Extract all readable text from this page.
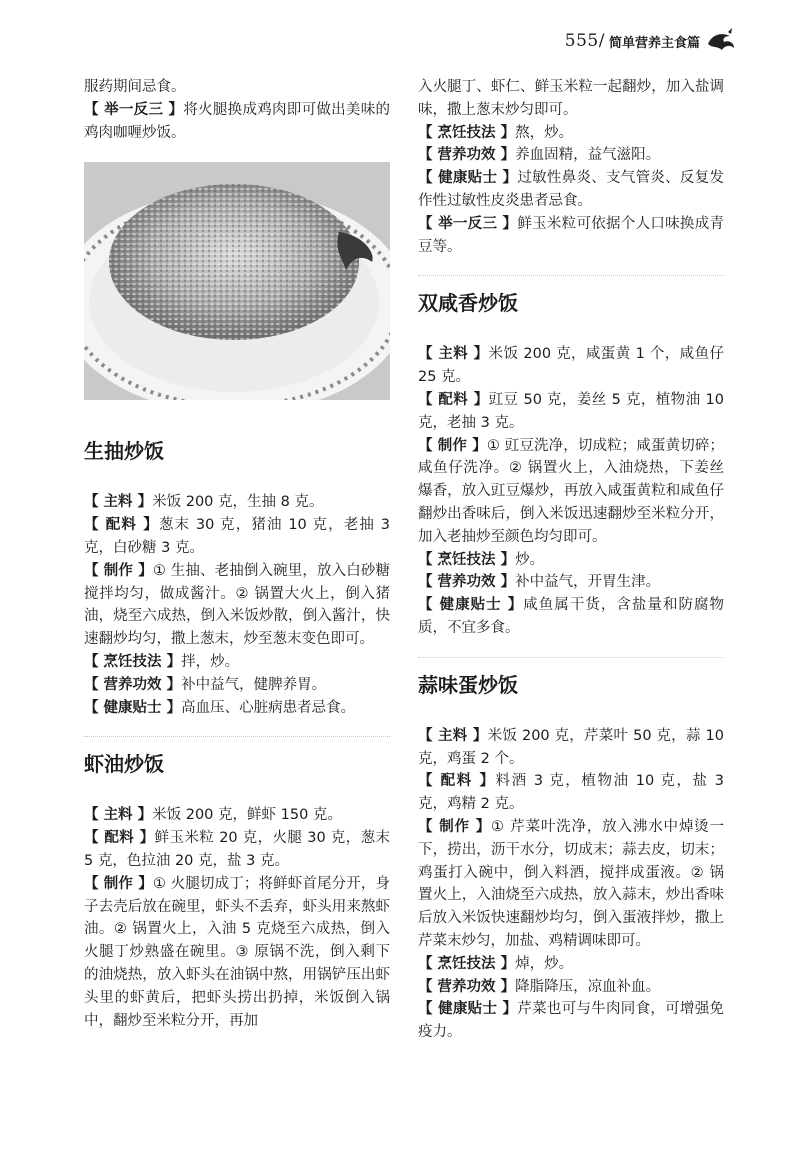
555/ 简单营养主食篇

服药期间忌食。

【 举一反三 】将火腿换成鸡肉即可做出美味的鸡肉咖喱炒饭。

生抽炒饭

【 主料 】米饭 200 克，生抽 8 克。

【 配料 】葱末 30 克，猪油 10 克，老抽 3 克，白砂糖 3 克。

【 制作 】① 生抽、老抽倒入碗里，放入白砂糖搅拌均匀，做成酱汁。② 锅置大火上，倒入猪油，烧至六成热，倒入米饭炒散，倒入酱汁，快速翻炒均匀，撒上葱末，炒至葱末变色即可。

【 烹饪技法 】拌，炒。

【 营养功效 】补中益气，健脾养胃。

【 健康贴士 】高血压、心脏病患者忌食。

虾油炒饭

【 主料 】米饭 200 克，鲜虾 150 克。

【 配料 】鲜玉米粒 20 克，火腿 30 克，葱末 5 克，色拉油 20 克，盐 3 克。

【 制作 】① 火腿切成丁；将鲜虾首尾分开，身子去壳后放在碗里，虾头不丢弃，虾头用来熬虾油。② 锅置火上，入油 5 克烧至六成热，倒入火腿丁炒熟盛在碗里。③ 原锅不洗，倒入剩下的油烧热，放入虾头在油锅中熬，用锅铲压出虾头里的虾黄后，把虾头捞出扔掉，米饭倒入锅中，翻炒至米粒分开，再加

入火腿丁、虾仁、鲜玉米粒一起翻炒，加入盐调味，撒上葱末炒匀即可。

【 烹饪技法 】熬，炒。

【 营养功效 】养血固精，益气滋阳。

【 健康贴士 】过敏性鼻炎、支气管炎、反复发作性过敏性皮炎患者忌食。

【 举一反三 】鲜玉米粒可依据个人口味换成青豆等。

双咸香炒饭

【 主料 】米饭 200 克，咸蛋黄 1 个，咸鱼仔 25 克。

【 配料 】豇豆 50 克，姜丝 5 克，植物油 10 克，老抽 3 克。

【 制作 】① 豇豆洗净，切成粒；咸蛋黄切碎；咸鱼仔洗净。② 锅置火上，入油烧热，下姜丝爆香，放入豇豆爆炒，再放入咸蛋黄粒和咸鱼仔翻炒出香味后，倒入米饭迅速翻炒至米粒分开，加入老抽炒至颜色均匀即可。

【 烹饪技法 】炒。

【 营养功效 】补中益气，开胃生津。

【 健康贴士 】咸鱼属干货，含盐量和防腐物质，不宜多食。

蒜味蛋炒饭

【 主料 】米饭 200 克，芹菜叶 50 克，蒜 10 克，鸡蛋 2 个。

【 配料 】料酒 3 克，植物油 10 克，盐 3 克，鸡精 2 克。

【 制作 】① 芹菜叶洗净，放入沸水中焯烫一下，捞出，沥干水分，切成末；蒜去皮，切末；鸡蛋打入碗中，倒入料酒，搅拌成蛋液。② 锅置火上，入油烧至六成热，放入蒜末，炒出香味后放入米饭快速翻炒均匀，倒入蛋液拌炒，撒上芹菜末炒匀，加盐、鸡精调味即可。

【 烹饪技法 】焯，炒。

【 营养功效 】降脂降压，凉血补血。

【 健康贴士 】芹菜也可与牛肉同食，可增强免疫力。
